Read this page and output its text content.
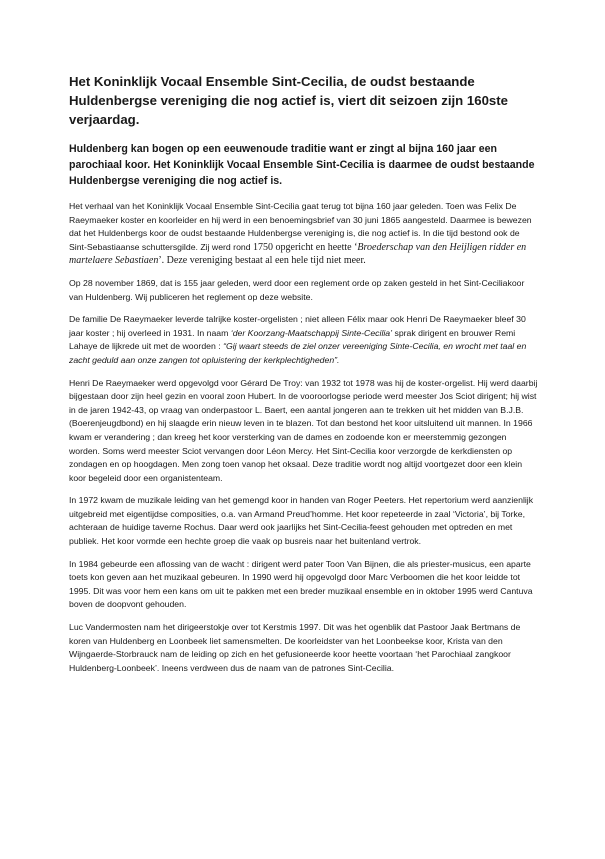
Het Koninklijk Vocaal Ensemble Sint-Cecilia, de oudst bestaande Huldenbergse vereniging die nog actief is, viert dit seizoen zijn 160ste verjaardag.

Huldenberg kan bogen op een eeuwenoude traditie want er zingt al bijna 160 jaar een parochiaal koor. Het Koninklijk Vocaal Ensemble Sint-Cecilia is daarmee de oudst bestaande Huldenbergse vereniging die nog actief is.

Het verhaal van het Koninklijk Vocaal Ensemble Sint-Cecilia gaat terug tot bijna 160 jaar geleden. Toen was Felix De Raeymaeker koster en koorleider en hij werd in een benoemingsbrief van 30 juni 1865 aangesteld. Daarmee is bewezen dat het Huldenbergs koor de oudst bestaande Huldenbergse vereniging is, die nog actief is. In die tijd bestond ook de Sint-Sebastiaanse schuttersgilde. Zij werd rond 1750 opgericht en heette ‘Broederschap van den Heijligen ridder en martelaere Sebastiaen’. Deze vereniging bestaat al een hele tijd niet meer.

Op 28 november 1869, dat is 155 jaar geleden, werd door een reglement orde op zaken gesteld in het Sint-Ceciliakoor van Huldenberg. Wij publiceren het reglement op deze website.

De familie De Raeymaeker leverde talrijke koster-orgelisten ; niet alleen Félix maar ook Henri De Raeymaeker bleef 30 jaar koster ; hij overleed in 1931. In naam ‘der Koorzang-Maatschappij Sinte-Cecilia’ sprak dirigent en brouwer Remi Lahaye de lijkrede uit met de woorden : “Gij waart steeds de ziel onzer vereeniging Sinte-Cecilia, en wrocht met taal en zacht geduld aan onze zangen tot opluistering der kerkplechtigheden”.

Henri De Raeymaeker werd opgevolgd voor Gérard De Troy: van 1932 tot 1978 was hij de koster-orgelist. Hij werd daarbij bijgestaan door zijn heel gezin en vooral zoon Hubert. In de vooroorlogse periode werd meester Jos Sciot dirigent; hij wist in de jaren 1942-43, op vraag van onderpastoor L. Baert, een aantal jongeren aan te trekken uit het midden van B.J.B. (Boerenjeugdbond) en hij slaagde erin nieuw leven in te blazen. Tot dan bestond het koor uitsluitend uit mannen. In 1966 kwam er verandering ; dan kreeg het koor versterking van de dames en zodoende kon er meerstemmig gezongen worden. Soms werd meester Sciot vervangen door Léon Mercy. Het Sint-Cecilia koor verzorgde de kerkdiensten op zondagen en op hoogdagen. Men zong toen vanop het oksaal. Deze traditie wordt nog altijd voortgezet door een klein koor begeleid door een organistenteam.

In 1972 kwam de muzikale leiding van het gemengd koor in handen van Roger Peeters. Het repertorium werd aanzienlijk uitgebreid met eigentijdse composities, o.a. van Armand Preud’homme. Het koor repeteerde in zaal ‘Victoria’, bij Torke, achteraan de huidige taverne Rochus. Daar werd ook jaarlijks het Sint-Cecilia-feest gehouden met optreden en met publiek. Het koor vormde een hechte groep die vaak op busreis naar het buitenland vertrok.

In 1984 gebeurde een aflossing van de wacht : dirigent werd pater Toon Van Bijnen, die als priester-musicus, een aparte toets kon geven aan het muzikaal gebeuren. In 1990 werd hij opgevolgd door Marc Verboomen die het koor leidde tot 1995. Dit was voor hem een kans om uit te pakken met een breder muzikaal ensemble en in oktober 1995 werd Cantuva boven de doopvont gehouden.

Luc Vandermosten nam het dirigeerstokje over tot Kerstmis 1997. Dit was het ogenblik dat Pastoor Jaak Bertmans de koren van Huldenberg en Loonbeek liet samensmelten. De koorleidster van het Loonbeekse koor, Krista van den Wijngaerde-Storbrauck nam de leiding op zich en het gefusioneerde koor heette voortaan ‘het Parochiaal zangkoor Huldenberg-Loonbeek’. Ineens verdween dus de naam van de patrones Sint-Cecilia.
